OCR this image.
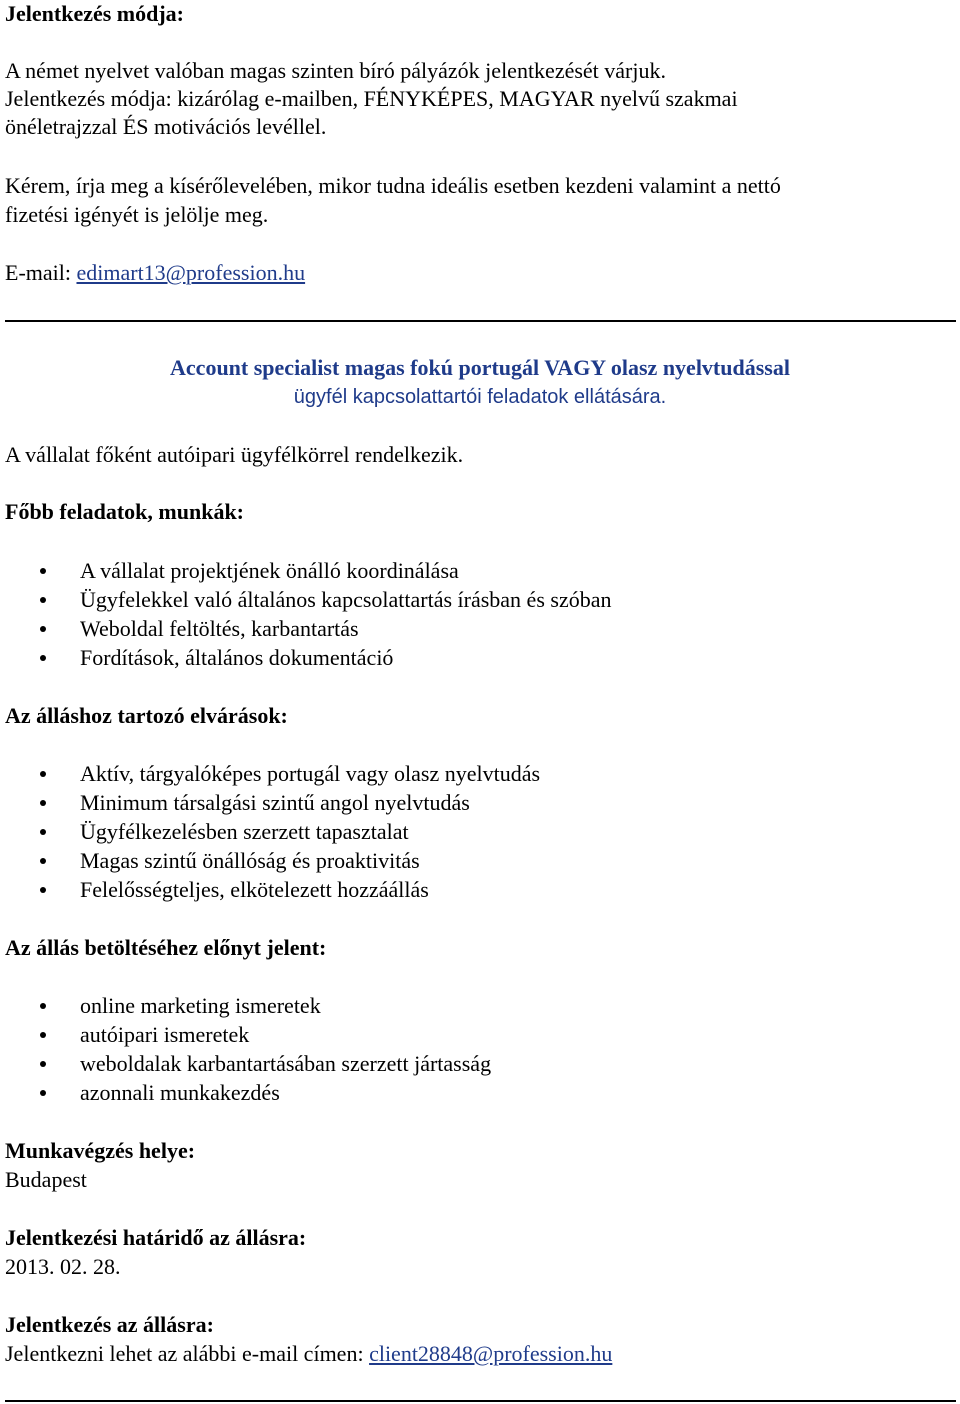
Jelentkezés módja:
A német nyelvet valóban magas szinten bíró pályázók jelentkezését várjuk.
Jelentkezés módja: kizárólag e-mailben, FÉNYKÉPES, MAGYAR nyelvű szakmai
önéletrajzzal ÉS motivációs levéllel.
Kérem, írja meg a kísérőlevelében, mikor tudna ideális esetben kezdeni valamint a nettó
fizetési igényét is jelölje meg.
E-mail: edimart13@profession.hu
Account specialist magas fokú portugál VAGY olasz nyelvtudással
ügyfél kapcsolattartói feladatok ellátására.
A vállalat főként autóipari ügyfélkörrel rendelkezik.
Főbb feladatok, munkák:
A vállalat projektjének önálló koordinálása
Ügyfelekkel való általános kapcsolattartás írásban és szóban
Weboldal feltöltés, karbantartás
Fordítások, általános dokumentáció
Az álláshoz tartozó elvárások:
Aktív, tárgyalóképes portugál vagy olasz nyelvtudás
Minimum társalgási szintű angol nyelvtudás
Ügyfélkezelésben szerzett tapasztalat
Magas szintű önállóság és proaktivitás
Felelősségteljes, elkötelezett hozzáállás
Az állás betöltéséhez előnyt jelent:
online marketing ismeretek
autóipari ismeretek
weboldalak karbantartásában szerzett jártasság
azonnali munkakezdés
Munkavégzés helye:
Budapest
Jelentkezési határidő az állásra:
2013. 02. 28.
Jelentkezés az állásra:
Jelentkezni lehet az alábbi e-mail címen: client28848@profession.hu
